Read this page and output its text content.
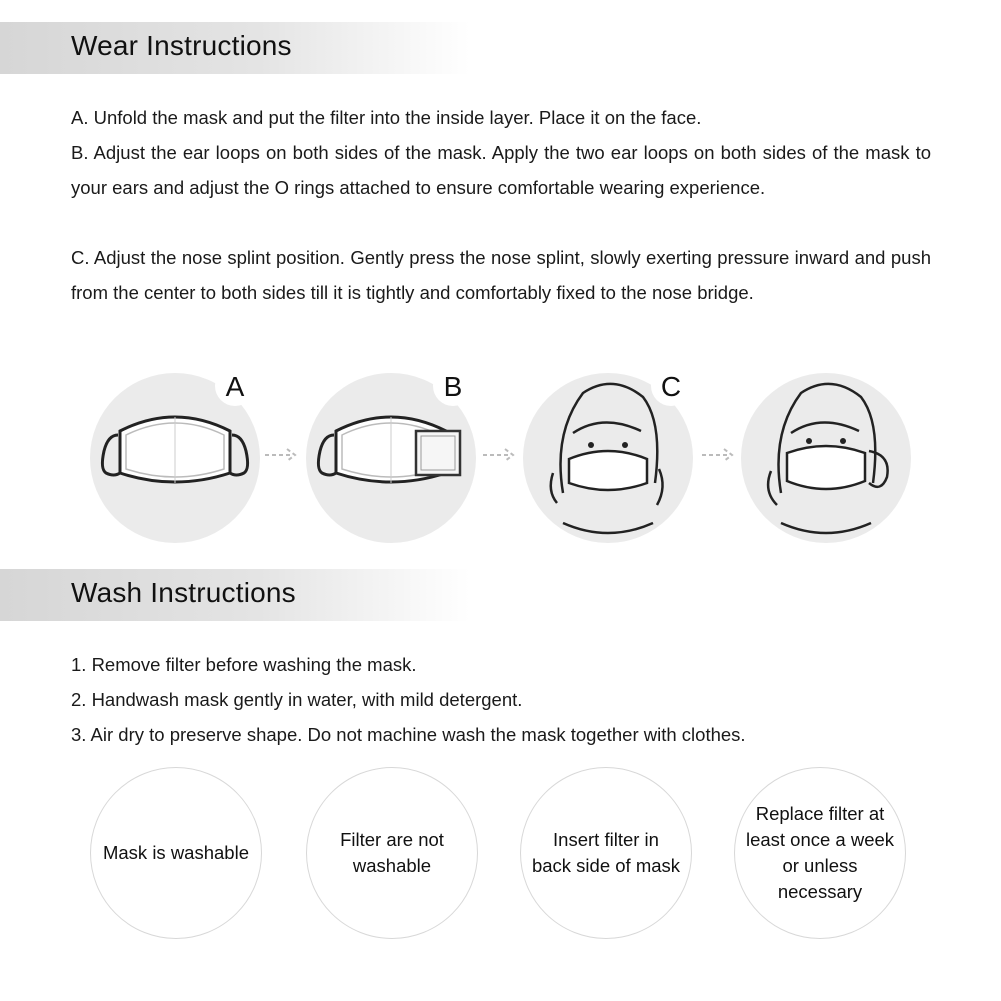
Wear Instructions
A. Unfold the mask and put the filter into the inside layer. Place it on the face.
B. Adjust the ear loops on both sides of the mask. Apply the two ear loops on both sides of the mask to your ears and adjust the O rings attached to ensure comfortable wearing experience.
C. Adjust the nose splint position. Gently press the nose splint, slowly exerting pressure inward and push from the center to both sides till it is tightly and comfortably fixed to the nose bridge.
A	B	C
Wash Instructions
1. Remove filter before washing the mask.
2. Handwash mask gently in water, with mild detergent.
3. Air dry to preserve shape. Do not machine wash the mask together with clothes.
Mask is washable
Filter are not washable
Insert filter in back side of mask
Replace filter at least once a week or unless necessary
